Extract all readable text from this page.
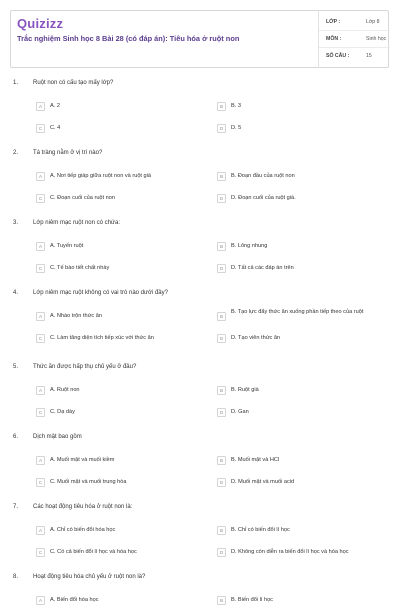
Quizizz
Trắc nghiệm Sinh học 8 Bài 28 (có đáp án): Tiêu hóa ở ruột non
LỚP :	Lớp 8
MÔN :	Sinh học
SỐ CÂU :	15
1. Ruột non có cấu tạo mấy lớp?
A	A. 2	B	B. 3
C	C. 4	D	D. 5
2. Tá tràng nằm ở vị trí nào?
A	A. Nơi tiếp giáp giữa ruột non và ruột già	B	B. Đoạn đầu của ruột non
C	C. Đoạn cuối của ruột non	D	D. Đoạn cuối của ruột già.
3. Lớp niêm mạc ruột non có chứa:
A	A. Tuyến ruột	B	B. Lông nhung
C	C. Tế bào tiết chất nhày	D	D. Tất cả các đáp án trên
4. Lớp niêm mạc ruột không có vai trò nào dưới đây?
A	A. Nhào trộn thức ăn	B
B. Tạo lực đẩy thức ăn xuống phần tiếp theo của ruột
C	C. Làm tăng diện tích tiếp xúc với thức ăn	D	D. Tạo viên thức ăn
5. Thức ăn được hấp thụ chủ yếu ở đâu?
A	A. Ruột non	B	B. Ruột già
C	C. Dạ dày	D	D. Gan
6. Dịch mật bao gồm
A	A. Muối mật và muối kiềm	B	B. Muối mật và HCl
C	C. Muối mật và muối trung hòa	D	D. Muối mật và muối acid
7. Các hoạt động tiêu hóa ở ruột non là:
A	A. Chỉ có biến đổi hóa học	B	B. Chỉ có biến đổi lí học
C	C. Có cả biến đổi lí học và hóa học	D	D. Không còn diễn ra biến đổi lí học và hóa học
8. Hoạt động tiêu hóa chủ yếu ở ruột non là?
A	A. Biến đổi hóa học	B	B. Biến đổi lí học
